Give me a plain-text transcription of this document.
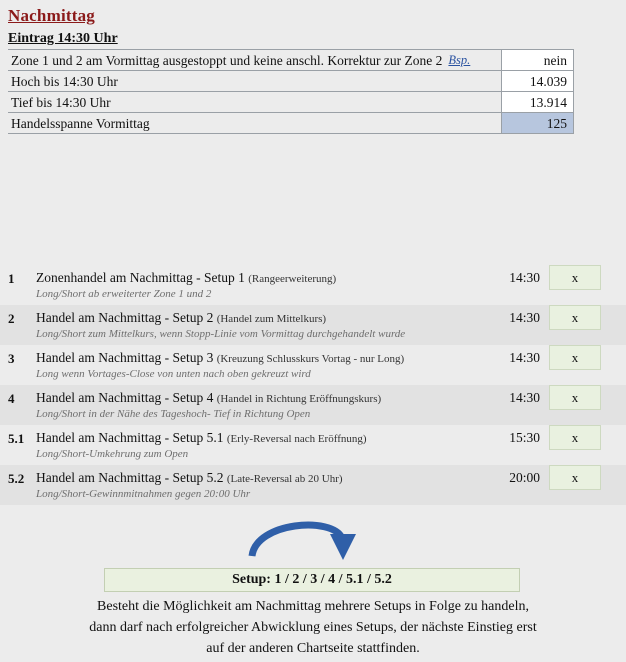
Nachmittag
Eintrag 14:30 Uhr
Zone 1 und 2 am Vormittag ausgestoppt und keine anschl. Korrektur zur Zone 2 Bsp.	nein
Hoch bis 14:30 Uhr	14.039
Tief bis 14:30 Uhr	13.914
Handelsspanne Vormittag	125
1 Zonenhandel am Nachmittag - Setup 1 (Rangeerweiterung)
Long/Short ab erweiterter Zone 1 und 2
14:30	x
2 Handel am Nachmittag - Setup 2 (Handel zum Mittelkurs)
Long/Short zum Mittelkurs, wenn Stopp-Linie vom Vormittag durchgehandelt wurde
14:30	x
3 Handel am Nachmittag - Setup 3 (Kreuzung Schlusskurs Vortag - nur Long)
Long wenn Vortages-Close von unten nach oben gekreuzt wird
14:30	x
4 Handel am Nachmittag - Setup 4 (Handel in Richtung Eröffnungskurs)
Long/Short in der Nähe des Tageshoch- Tief in Richtung Open
14:30	x
5.1 Handel am Nachmittag - Setup 5.1 (Erly-Reversal nach Eröffnung)
Long/Short-Umkehrung zum Open
15:30	x
5.2 Handel am Nachmittag - Setup 5.2 (Late-Reversal ab 20 Uhr)
Long/Short-Gewinnmitnahmen gegen 20:00 Uhr
20:00	x
Setup: 1 / 2 / 3 / 4 / 5.1 / 5.2
Besteht die Möglichkeit am Nachmittag mehrere Setups in Folge zu handeln,
dann darf nach erfolgreicher Abwicklung eines Setups, der nächste Einstieg erst
auf der anderen Chartseite stattfinden.
